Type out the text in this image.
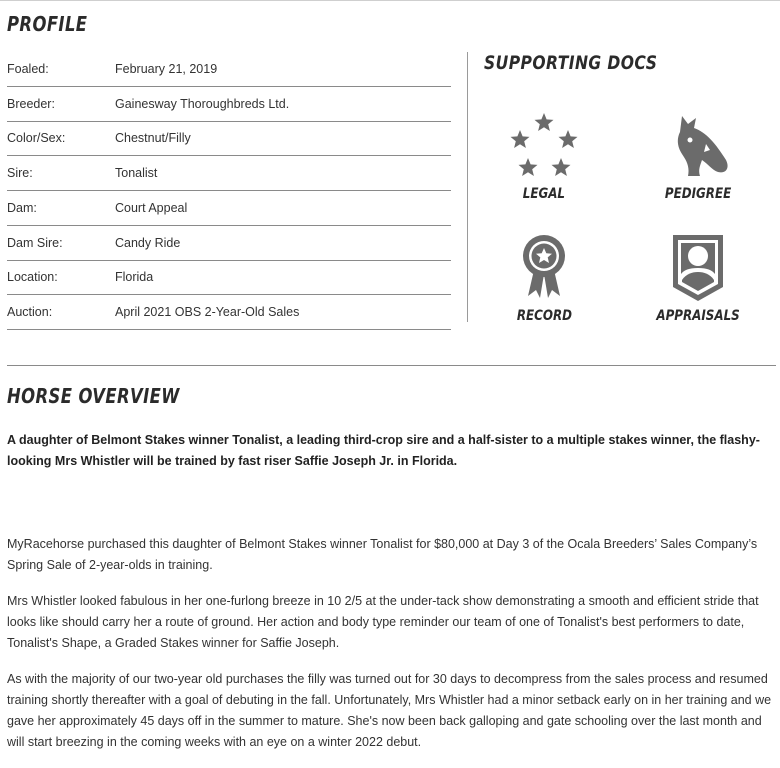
PROFILE
Foaled:	February 21, 2019
Breeder:	Gainesway Thoroughbreds Ltd.
Color/Sex:	Chestnut/Filly
Sire:	Tonalist
Dam:	Court Appeal
Dam Sire:	Candy Ride
Location:	Florida
Auction:	April 2021 OBS 2-Year-Old Sales
SUPPORTING DOCS
LEGAL	PEDIGREE
RECORD	APPRAISALS
HORSE OVERVIEW

A daughter of Belmont Stakes winner Tonalist, a leading third-crop sire and a half-sister to a multiple stakes winner, the flashy-looking Mrs Whistler will be trained by fast riser Saffie Joseph Jr. in Florida.

MyRacehorse purchased this daughter of Belmont Stakes winner Tonalist for $80,000 at Day 3 of the Ocala Breeders’ Sales Company’s Spring Sale of 2-year-olds in training.

Mrs Whistler looked fabulous in her one-furlong breeze in 10 2/5 at the under-tack show demonstrating a smooth and efficient stride that looks like should carry her a route of ground. Her action and body type reminder our team of one of Tonalist's best performers to date, Tonalist's Shape, a Graded Stakes winner for Saffie Joseph.

As with the majority of our two-year old purchases the filly was turned out for 30 days to decompress from the sales process and resumed training shortly thereafter with a goal of debuting in the fall. Unfortunately, Mrs Whistler had a minor setback early on in her training and we gave her approximately 45 days off in the summer to mature. She's now been back galloping and gate schooling over the last month and will start breezing in the coming weeks with an eye on a winter 2022 debut.
